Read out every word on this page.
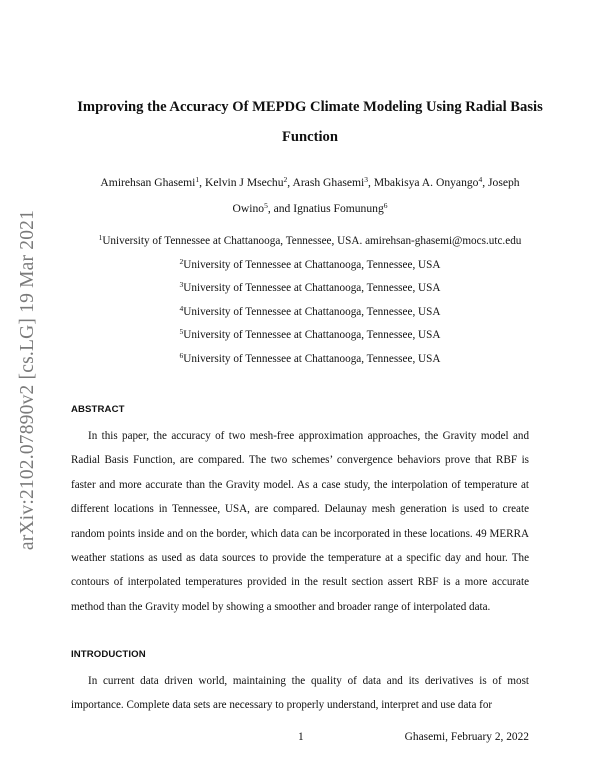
arXiv:2102.07890v2 [cs.LG] 19 Mar 2021
Improving the Accuracy Of MEPDG Climate Modeling Using Radial Basis Function
Amirehsan Ghasemi$^1$, Kelvin J Msechu$^2$, Arash Ghasemi$^3$, Mbakisya A. Onyango$^4$, Joseph Owino$^5$, and Ignatius Fomunung$^6$
$^1$University of Tennessee at Chattanooga, Tennessee, USA. amirehsan-ghasemi@mocs.utc.edu
$^2$University of Tennessee at Chattanooga, Tennessee, USA
$^3$University of Tennessee at Chattanooga, Tennessee, USA
$^4$University of Tennessee at Chattanooga, Tennessee, USA
$^5$University of Tennessee at Chattanooga, Tennessee, USA
$^6$University of Tennessee at Chattanooga, Tennessee, USA
ABSTRACT

In this paper, the accuracy of two mesh-free approximation approaches, the Gravity model and Radial Basis Function, are compared. The two schemes’ convergence behaviors prove that RBF is faster and more accurate than the Gravity model. As a case study, the interpolation of temperature at different locations in Tennessee, USA, are compared. Delaunay mesh generation is used to create random points inside and on the border, which data can be incorporated in these locations. 49 MERRA weather stations as used as data sources to provide the temperature at a specific day and hour. The contours of interpolated temperatures provided in the result section assert RBF is a more accurate method than the Gravity model by showing a smoother and broader range of interpolated data.

INTRODUCTION

In current data driven world, maintaining the quality of data and its derivatives is of most importance. Complete data sets are necessary to properly understand, interpret and use data for

1	Ghasemi, February 2, 2022
